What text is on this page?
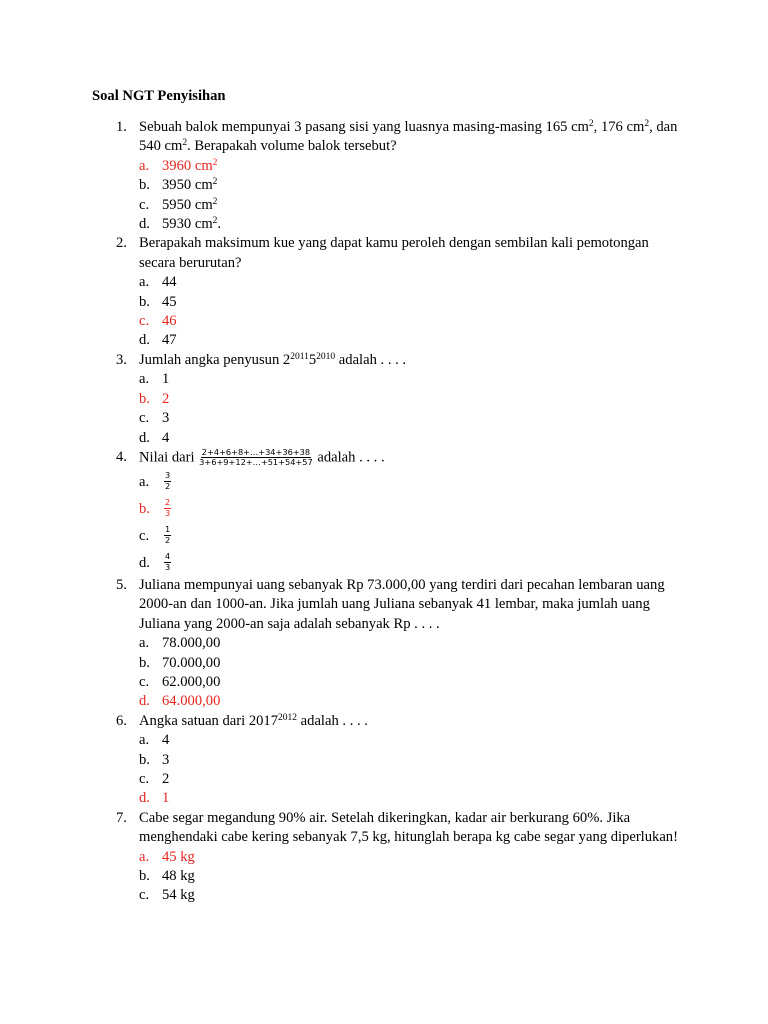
Soal NGT Penyisihan
1. Sebuah balok mempunyai 3 pasang sisi yang luasnya masing-masing 165 $cm^2$, 176 $cm^2$, dan 540 $cm^2$. Berapakah volume balok tersebut?
a. 3960 $cm^2$
b. 3950 $cm^2$
c. 5950 $cm^2$
d. 5930 $cm^2$.
2. Berapakah maksimum kue yang dapat kamu peroleh dengan sembilan kali pemotongan secara berurutan?
a. 44
b. 45
c. 46
d. 47
3. Jumlah angka penyusun $2^{2011}5^{2010}$ adalah . . . .
a. 1
b. 2
c. 3
d. 4
4. Nilai dari $\frac{2+4+6+8+\dots+34+36+38}{3+6+9+12+\dots+51+54+57}$ adalah . . . .
a. $\frac{3}{2}$
b. $\frac{2}{3}$
c. $\frac{1}{2}$
d. $\frac{4}{3}$
5. Juliana mempunyai uang sebanyak Rp 73.000,00 yang terdiri dari pecahan lembaran uang 2000-an dan 1000-an. Jika jumlah uang Juliana sebanyak 41 lembar, maka jumlah uang Juliana yang 2000-an saja adalah sebanyak Rp . . . .
a. 78.000,00
b. 70.000,00
c. 62.000,00
d. 64.000,00
6. Angka satuan dari $2017^{2012}$ adalah . . . .
a. 4
b. 3
c. 2
d. 1
7. Cabe segar megandung 90% air. Setelah dikeringkan, kadar air berkurang 60%. Jika menghendaki cabe kering sebanyak 7,5 kg, hitunglah berapa kg cabe segar yang diperlukan!
a. 45 kg
b. 48 kg
c. 54 kg
